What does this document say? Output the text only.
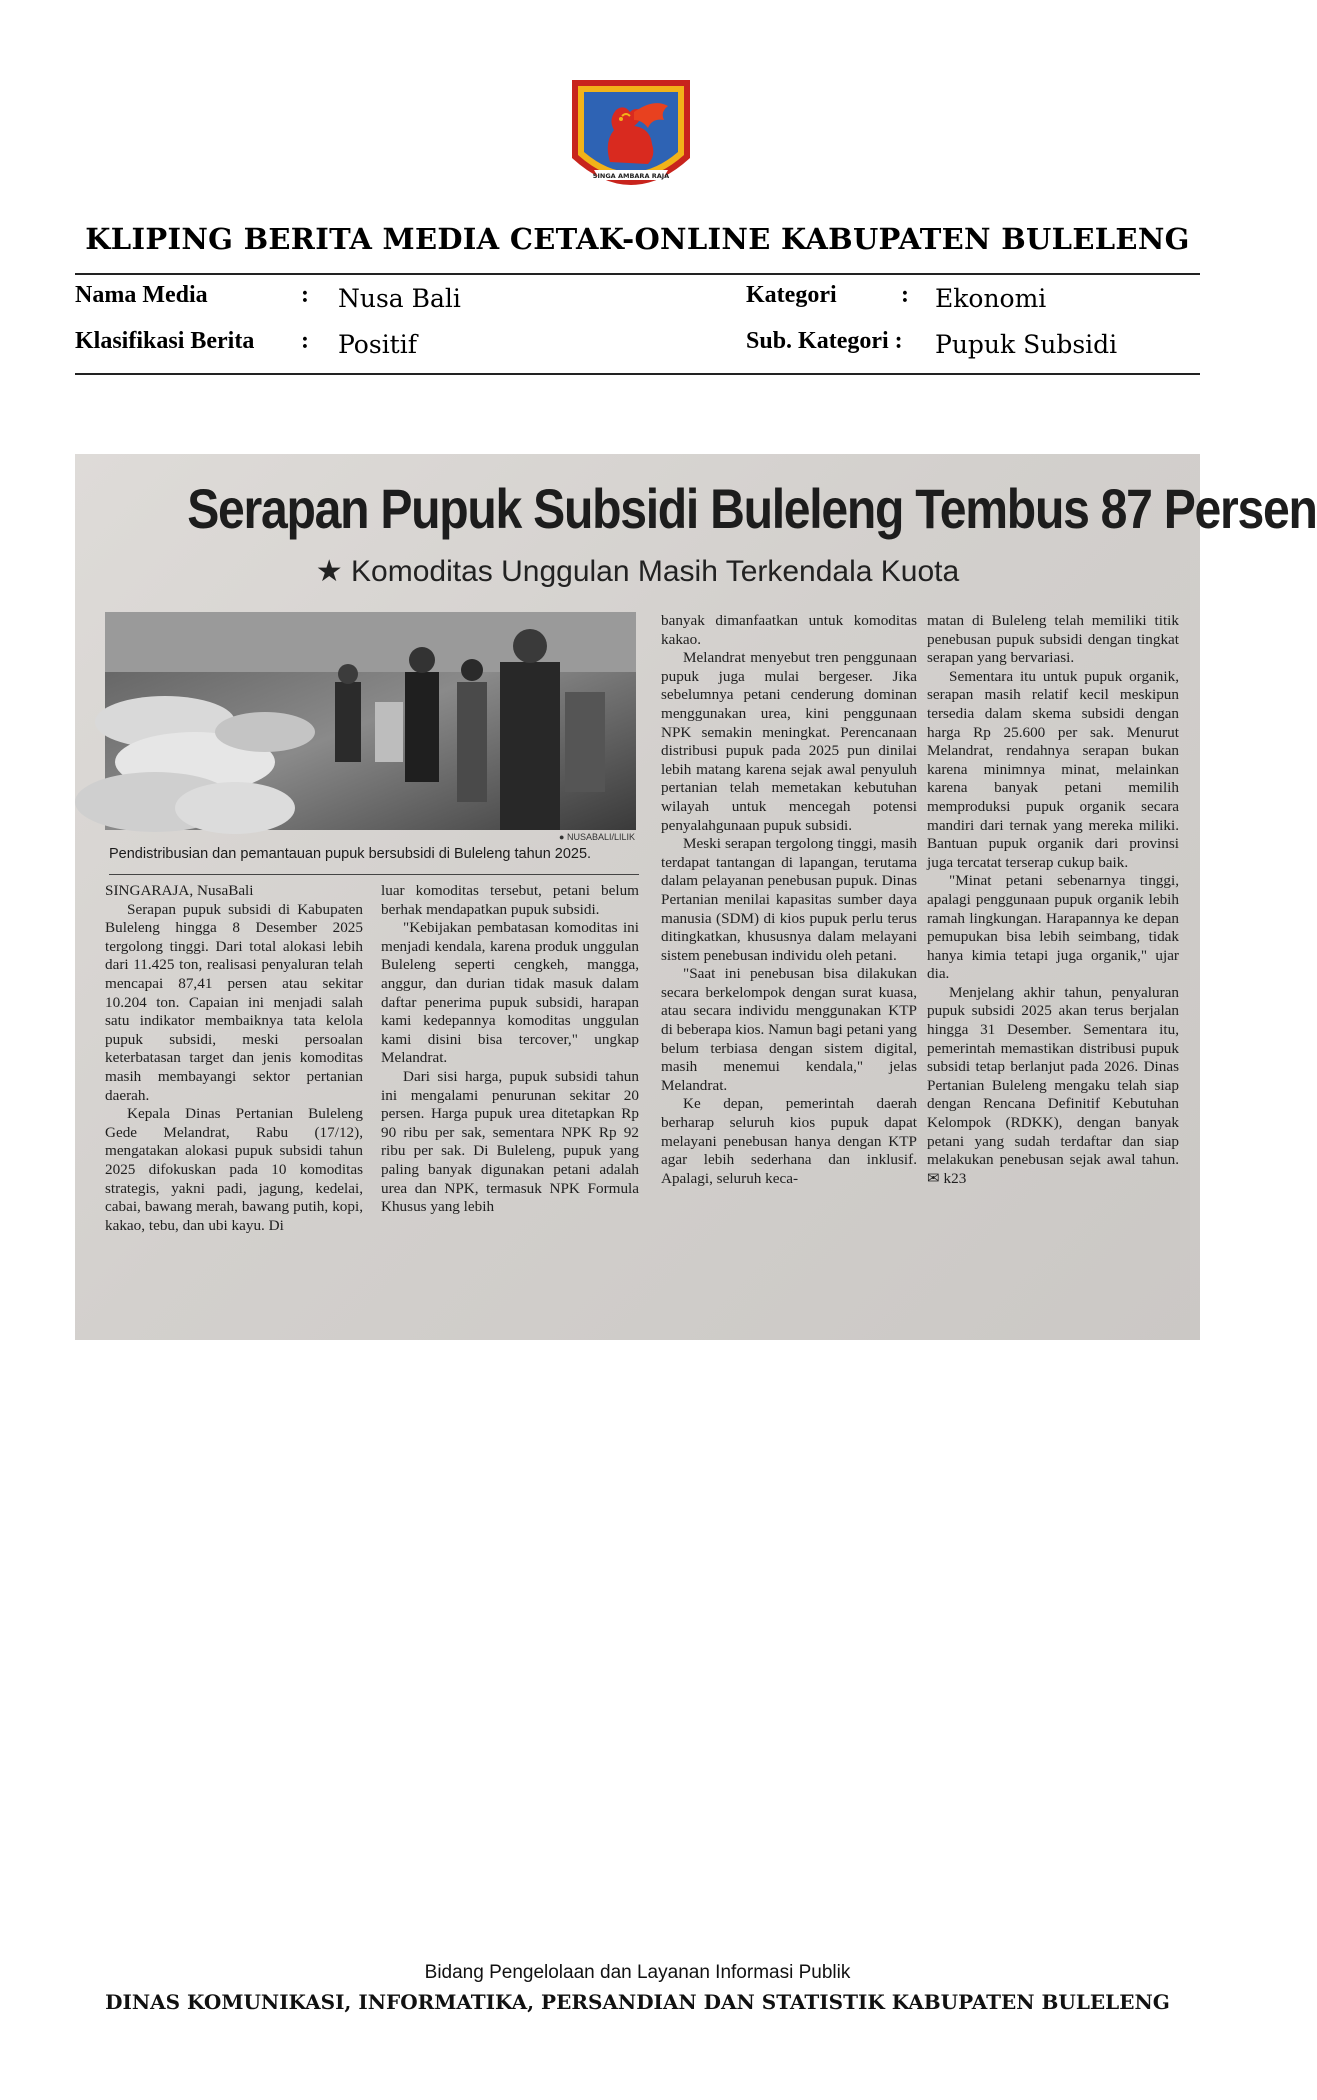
SINGA AMBARA RAJA
KLIPING BERITA MEDIA CETAK-ONLINE KABUPATEN BULELENG
Nama Media	: Nusa Bali
Klasifikasi Berita : Positif
Kategori	: Ekonomi
Sub. Kategori : Pupuk Subsidi
Serapan Pupuk Subsidi Buleleng Tembus 87 Persen
★ Komoditas Unggulan Masih Terkendala Kuota
● NUSABALI/LILIK
Pendistribusian dan pemantauan pupuk bersubsidi di Buleleng tahun 2025.
SINGARAJA, NusaBali

Serapan pupuk subsidi di Kabupaten Buleleng hingga 8 Desember 2025 tergolong tinggi. Dari total alokasi lebih dari 11.425 ton, realisasi penyaluran telah mencapai 87,41 persen atau sekitar 10.204 ton. Capaian ini menjadi salah satu indikator membaiknya tata kelola pupuk subsidi, meski persoalan keterbatasan target dan jenis komoditas masih membayangi sektor pertanian daerah.

Kepala Dinas Pertanian Buleleng Gede Melandrat, Rabu (17/12), mengatakan alokasi pupuk subsidi tahun 2025 difokuskan pada 10 komoditas strategis, yakni padi, jagung, kedelai, cabai, bawang merah, bawang putih, kopi, kakao, tebu, dan ubi kayu. Di

luar komoditas tersebut, petani belum berhak mendapatkan pupuk subsidi.

"Kebijakan pembatasan komoditas ini menjadi kendala, karena produk unggulan Buleleng seperti cengkeh, mangga, anggur, dan durian tidak masuk dalam daftar penerima pupuk subsidi, harapan kami kedepannya komoditas unggulan kami disini bisa tercover," ungkap Melandrat.

Dari sisi harga, pupuk subsidi tahun ini mengalami penurunan sekitar 20 persen. Harga pupuk urea ditetapkan Rp 90 ribu per sak, sementara NPK Rp 92 ribu per sak. Di Buleleng, pupuk yang paling banyak digunakan petani adalah urea dan NPK, termasuk NPK Formula Khusus yang lebih

banyak dimanfaatkan untuk komoditas kakao.

Melandrat menyebut tren penggunaan pupuk juga mulai bergeser. Jika sebelumnya petani cenderung dominan menggunakan urea, kini penggunaan NPK semakin meningkat. Perencanaan distribusi pupuk pada 2025 pun dinilai lebih matang karena sejak awal penyuluh pertanian telah memetakan kebutuhan wilayah untuk mencegah potensi penyalahgunaan pupuk subsidi.

Meski serapan tergolong tinggi, masih terdapat tantangan di lapangan, terutama dalam pelayanan penebusan pupuk. Dinas Pertanian menilai kapasitas sumber daya manusia (SDM) di kios pupuk perlu terus ditingkatkan, khususnya dalam melayani sistem penebusan individu oleh petani.

"Saat ini penebusan bisa dilakukan secara berkelompok dengan surat kuasa, atau secara individu menggunakan KTP di beberapa kios. Namun bagi petani yang belum terbiasa dengan sistem digital, masih menemui kendala," jelas Melandrat.

Ke depan, pemerintah daerah berharap seluruh kios pupuk dapat melayani penebusan hanya dengan KTP agar lebih sederhana dan inklusif. Apalagi, seluruh keca-

matan di Buleleng telah memiliki titik penebusan pupuk subsidi dengan tingkat serapan yang bervariasi.

Sementara itu untuk pupuk organik, serapan masih relatif kecil meskipun tersedia dalam skema subsidi dengan harga Rp 25.600 per sak. Menurut Melandrat, rendahnya serapan bukan karena minimnya minat, melainkan karena banyak petani memilih memproduksi pupuk organik secara mandiri dari ternak yang mereka miliki. Bantuan pupuk organik dari provinsi juga tercatat terserap cukup baik.

"Minat petani sebenarnya tinggi, apalagi penggunaan pupuk organik lebih ramah lingkungan. Harapannya ke depan pemupukan bisa lebih seimbang, tidak hanya kimia tetapi juga organik," ujar dia.

Menjelang akhir tahun, penyaluran pupuk subsidi 2025 akan terus berjalan hingga 31 Desember. Sementara itu, pemerintah memastikan distribusi pupuk subsidi tetap berlanjut pada 2026. Dinas Pertanian Buleleng mengaku telah siap dengan Rencana Definitif Kebutuhan Kelompok (RDKK), dengan banyak petani yang sudah terdaftar dan siap melakukan penebusan sejak awal tahun. ✉ k23

Bidang Pengelolaan dan Layanan Informasi Publik
DINAS KOMUNIKASI, INFORMATIKA, PERSANDIAN DAN STATISTIK KABUPATEN BULELENG
